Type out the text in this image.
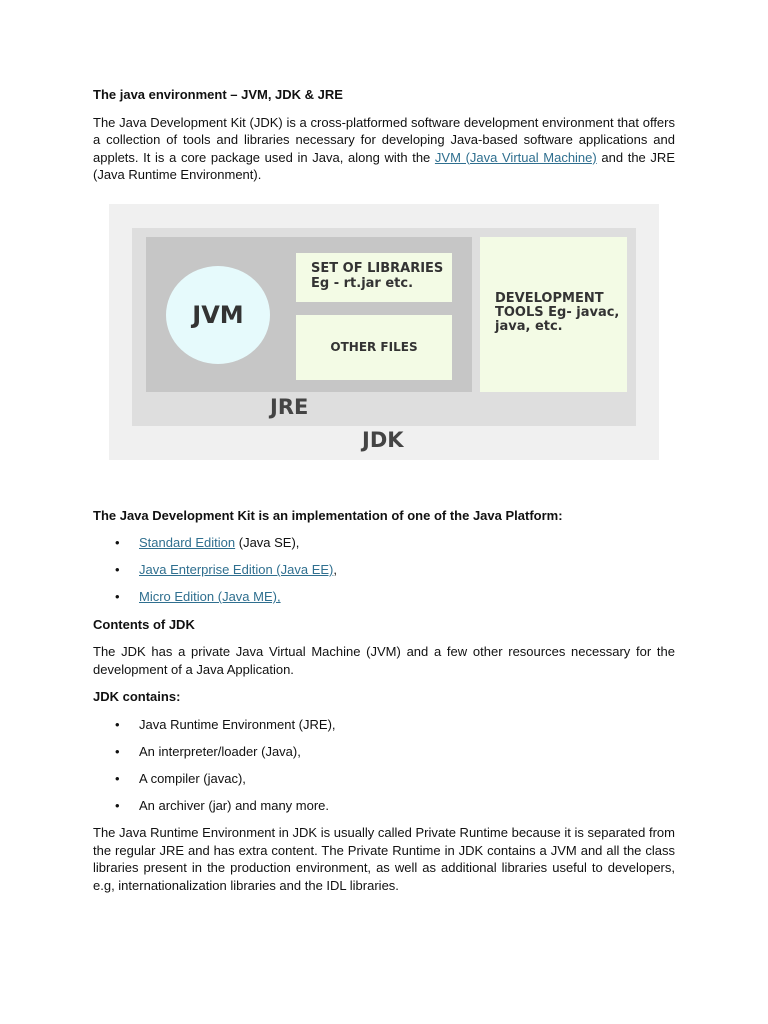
The java environment – JVM, JDK & JRE

The Java Development Kit (JDK) is a cross-platformed software development environment that offers a collection of tools and libraries necessary for developing Java-based software applications and applets. It is a core package used in Java, along with the JVM (Java Virtual Machine) and the JRE (Java Runtime Environment).

JVM
SET OF LIBRARIES
Eg - rt.jar etc.
OTHER FILES
DEVELOPMENT
TOOLS Eg- javac,
java, etc.
JRE
JDK

The Java Development Kit is an implementation of one of the Java Platform:

• Standard Edition (Java SE),
• Java Enterprise Edition (Java EE),
• Micro Edition (Java ME),

Contents of JDK

The JDK has a private Java Virtual Machine (JVM) and a few other resources necessary for the development of a Java Application.

JDK contains:

• Java Runtime Environment (JRE),
• An interpreter/loader (Java),
• A compiler (javac),
• An archiver (jar) and many more.

The Java Runtime Environment in JDK is usually called Private Runtime because it is separated from the regular JRE and has extra content. The Private Runtime in JDK contains a JVM and all the class libraries present in the production environment, as well as additional libraries useful to developers, e.g, internationalization libraries and the IDL libraries.
